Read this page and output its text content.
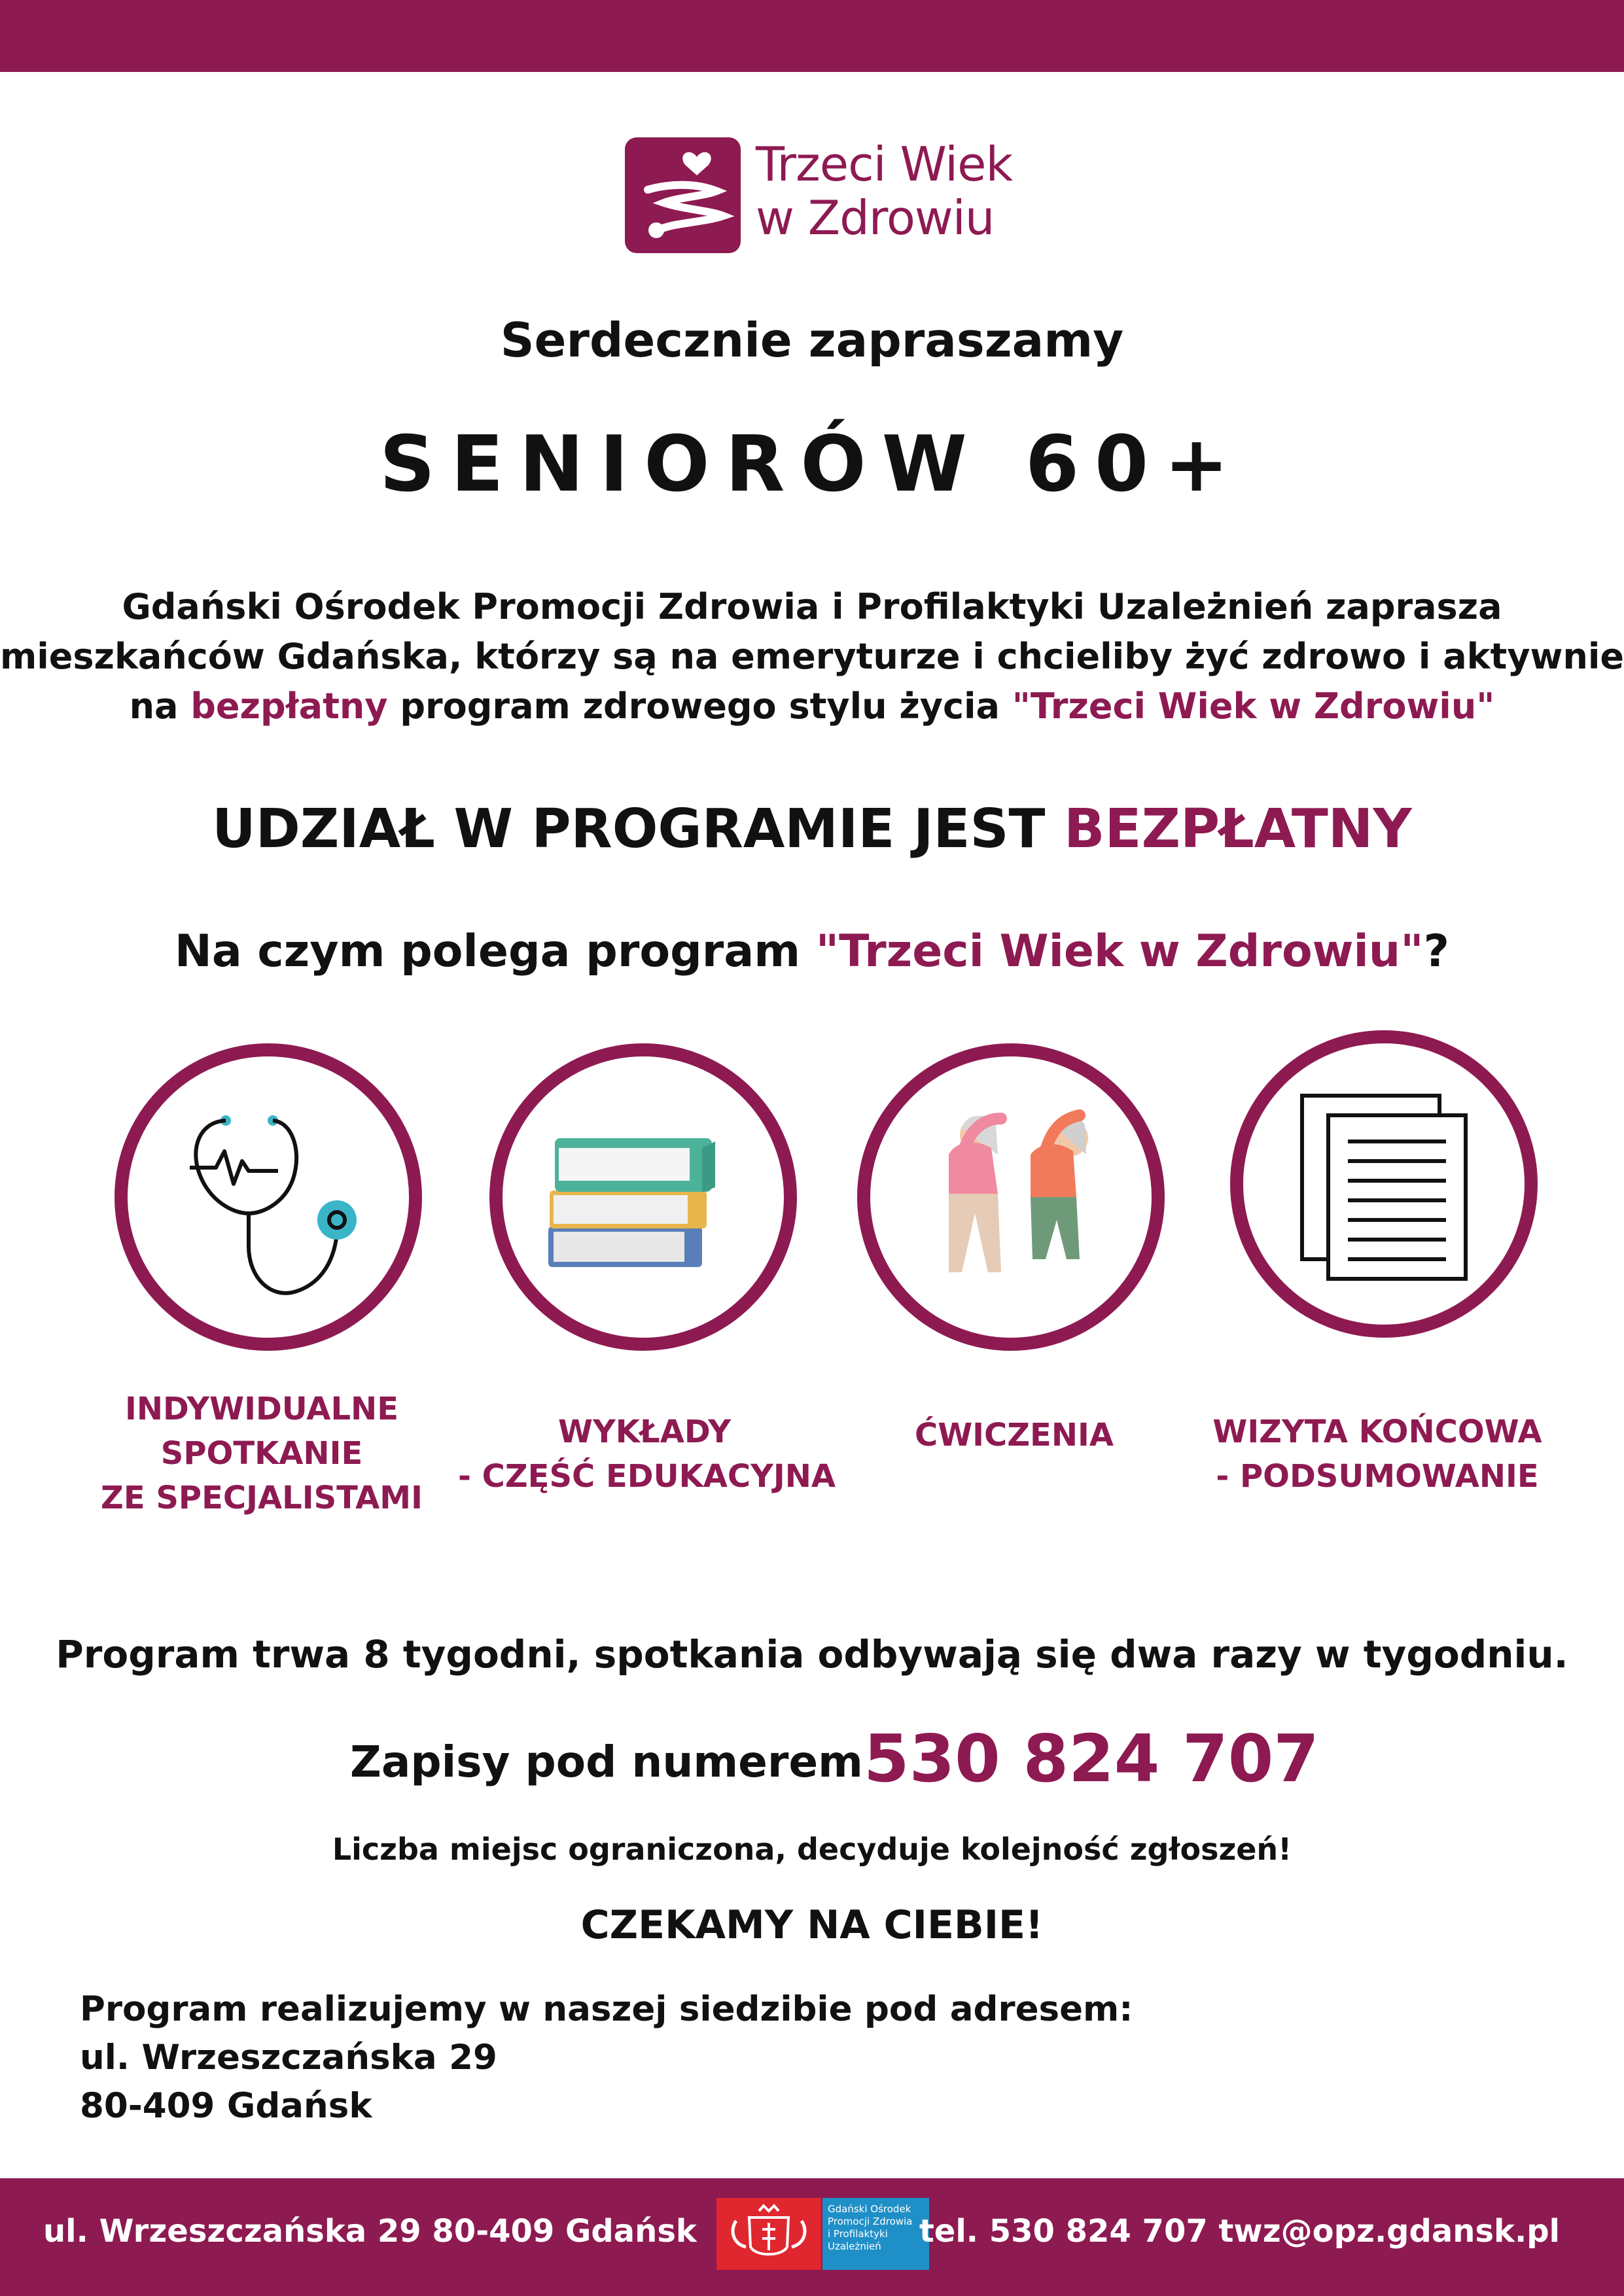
Trzeci Wiek
w Zdrowiu
Serdecznie zapraszamy
SENIORÓW 60+
Gdański Ośrodek Promocji Zdrowia i Profilaktyki Uzależnień zaprasza
mieszkańców Gdańska, którzy są na emeryturze i chcieliby żyć zdrowo i aktywnie
na bezpłatny program zdrowego stylu życia "Trzeci Wiek w Zdrowiu"
UDZIAŁ W PROGRAMIE JEST BEZPŁATNY
Na czym polega program "Trzeci Wiek w Zdrowiu"?
INDYWIDUALNE
SPOTKANIE
ZE SPECJALISTAMI
WYKŁADY
- CZĘŚĆ EDUKACYJNA
ĆWICZENIA	WIZYTA KOŃCOWA
- PODSUMOWANIE
Program trwa 8 tygodni, spotkania odbywają się dwa razy w tygodniu.
Zapisy pod numerem 530 824 707
Liczba miejsc ograniczona, decyduje kolejność zgłoszeń!
CZEKAMY NA CIEBIE!
Program realizujemy w naszej siedzibie pod adresem:
ul. Wrzeszczańska 29
80-409 Gdańsk
ul. Wrzeszczańska 29 80-409 Gdańsk
Gdański Ośrodek
Promocji Zdrowia
i Profilaktyki
Uzależnień	tel. 530 824 707 twz@opz.gdansk.pl
